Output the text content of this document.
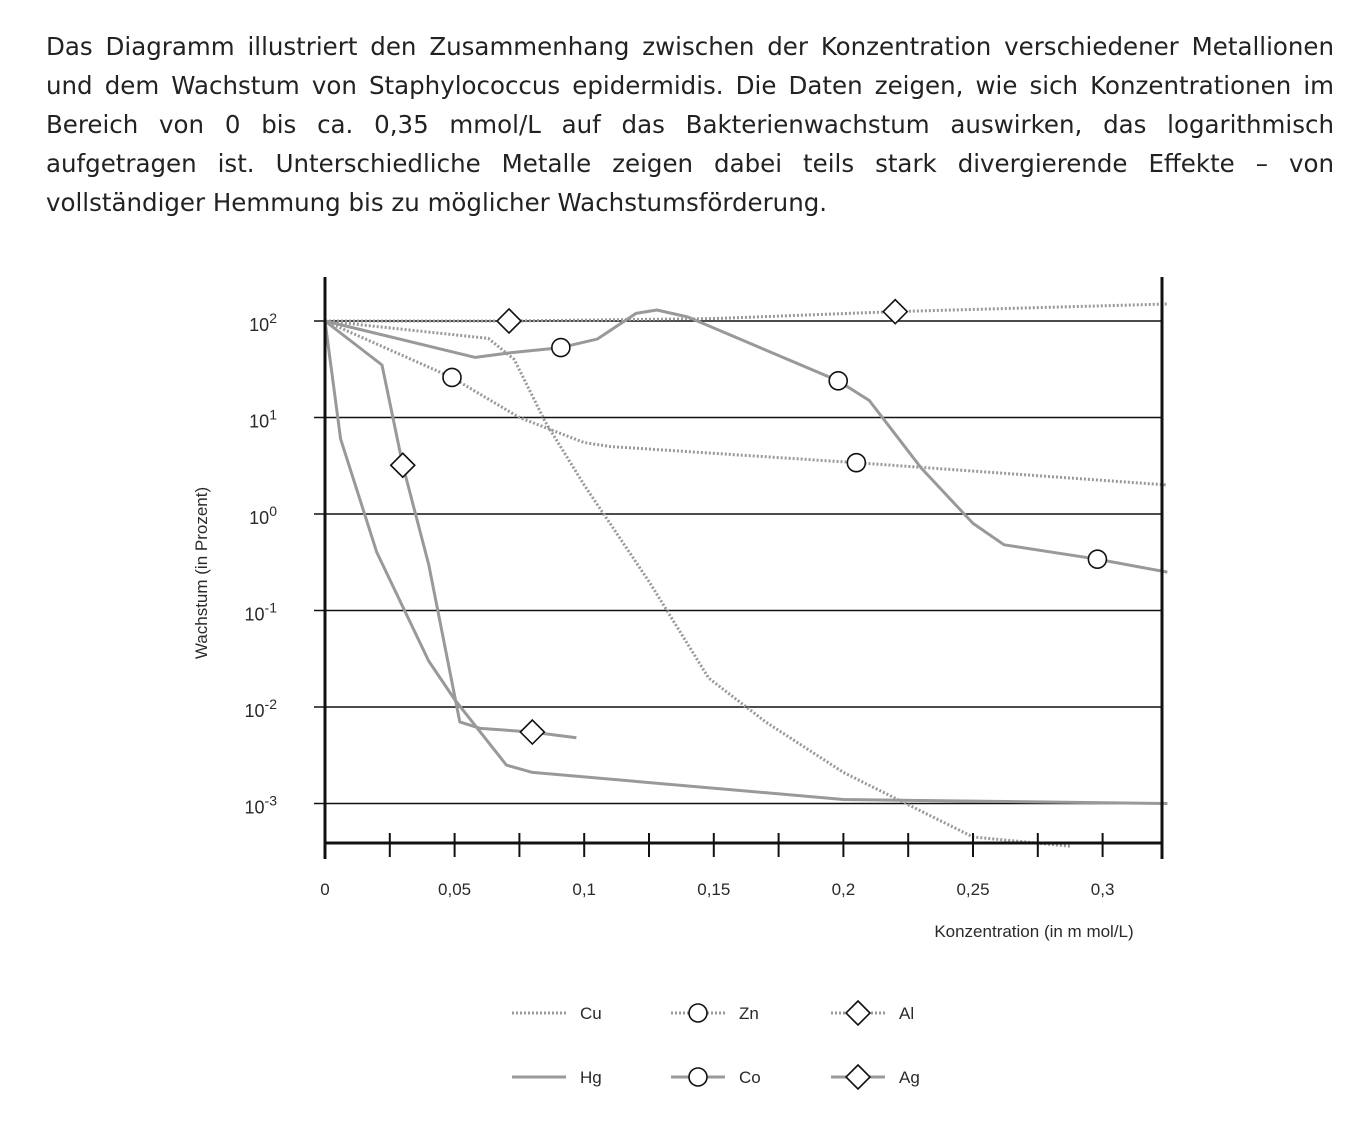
Das Diagramm illustriert den Zusammenhang zwischen der Konzentration verschiedener Metallionen und dem Wachstum von Staphylococcus epidermidis. Die Daten zeigen, wie sich Konzentrationen im Bereich von 0 bis ca. 0,35 mmol/L auf das Bakterienwachstum auswirken, das logarithmisch aufgetragen ist. Unterschiedliche Metalle zeigen dabei teils stark divergierende Effekte – von vollständiger Hemmung bis zu möglicher Wachstumsförderung.

$10^2$
$10^1$
$10^0$
$10^{-1}$
$10^{-2}$
$10^{-3}$
0	0,05	0,1	0,15	0,2	0,25	0,3
Wachstum (in Prozent)
Konzentration (in m mol/L)
Cu	Zn	Al
Hg	Co	Ag
